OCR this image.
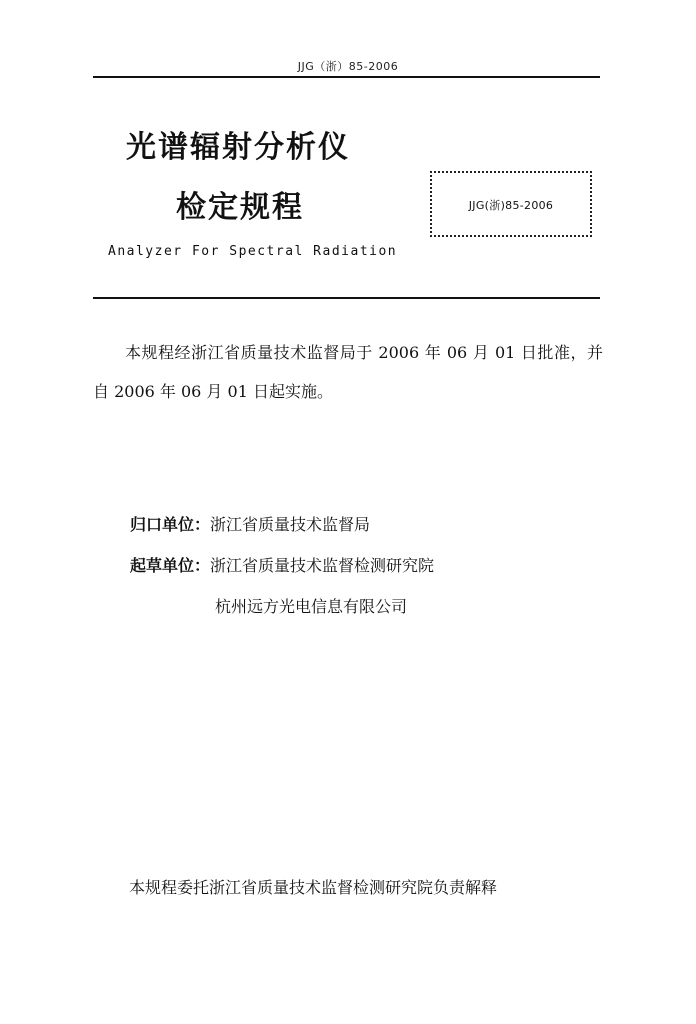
JJG（浙）85-2006
光谱辐射分析仪
检定规程	JJG(浙)85-2006
Analyzer For Spectral Radiation
本规程经浙江省质量技术监督局于 2006 年 06 月 01 日批准，并自 2006 年 06 月 01 日起实施。
归口单位：浙江省质量技术监督局
起草单位：浙江省质量技术监督检测研究院
杭州远方光电信息有限公司
本规程委托浙江省质量技术监督检测研究院负责解释
